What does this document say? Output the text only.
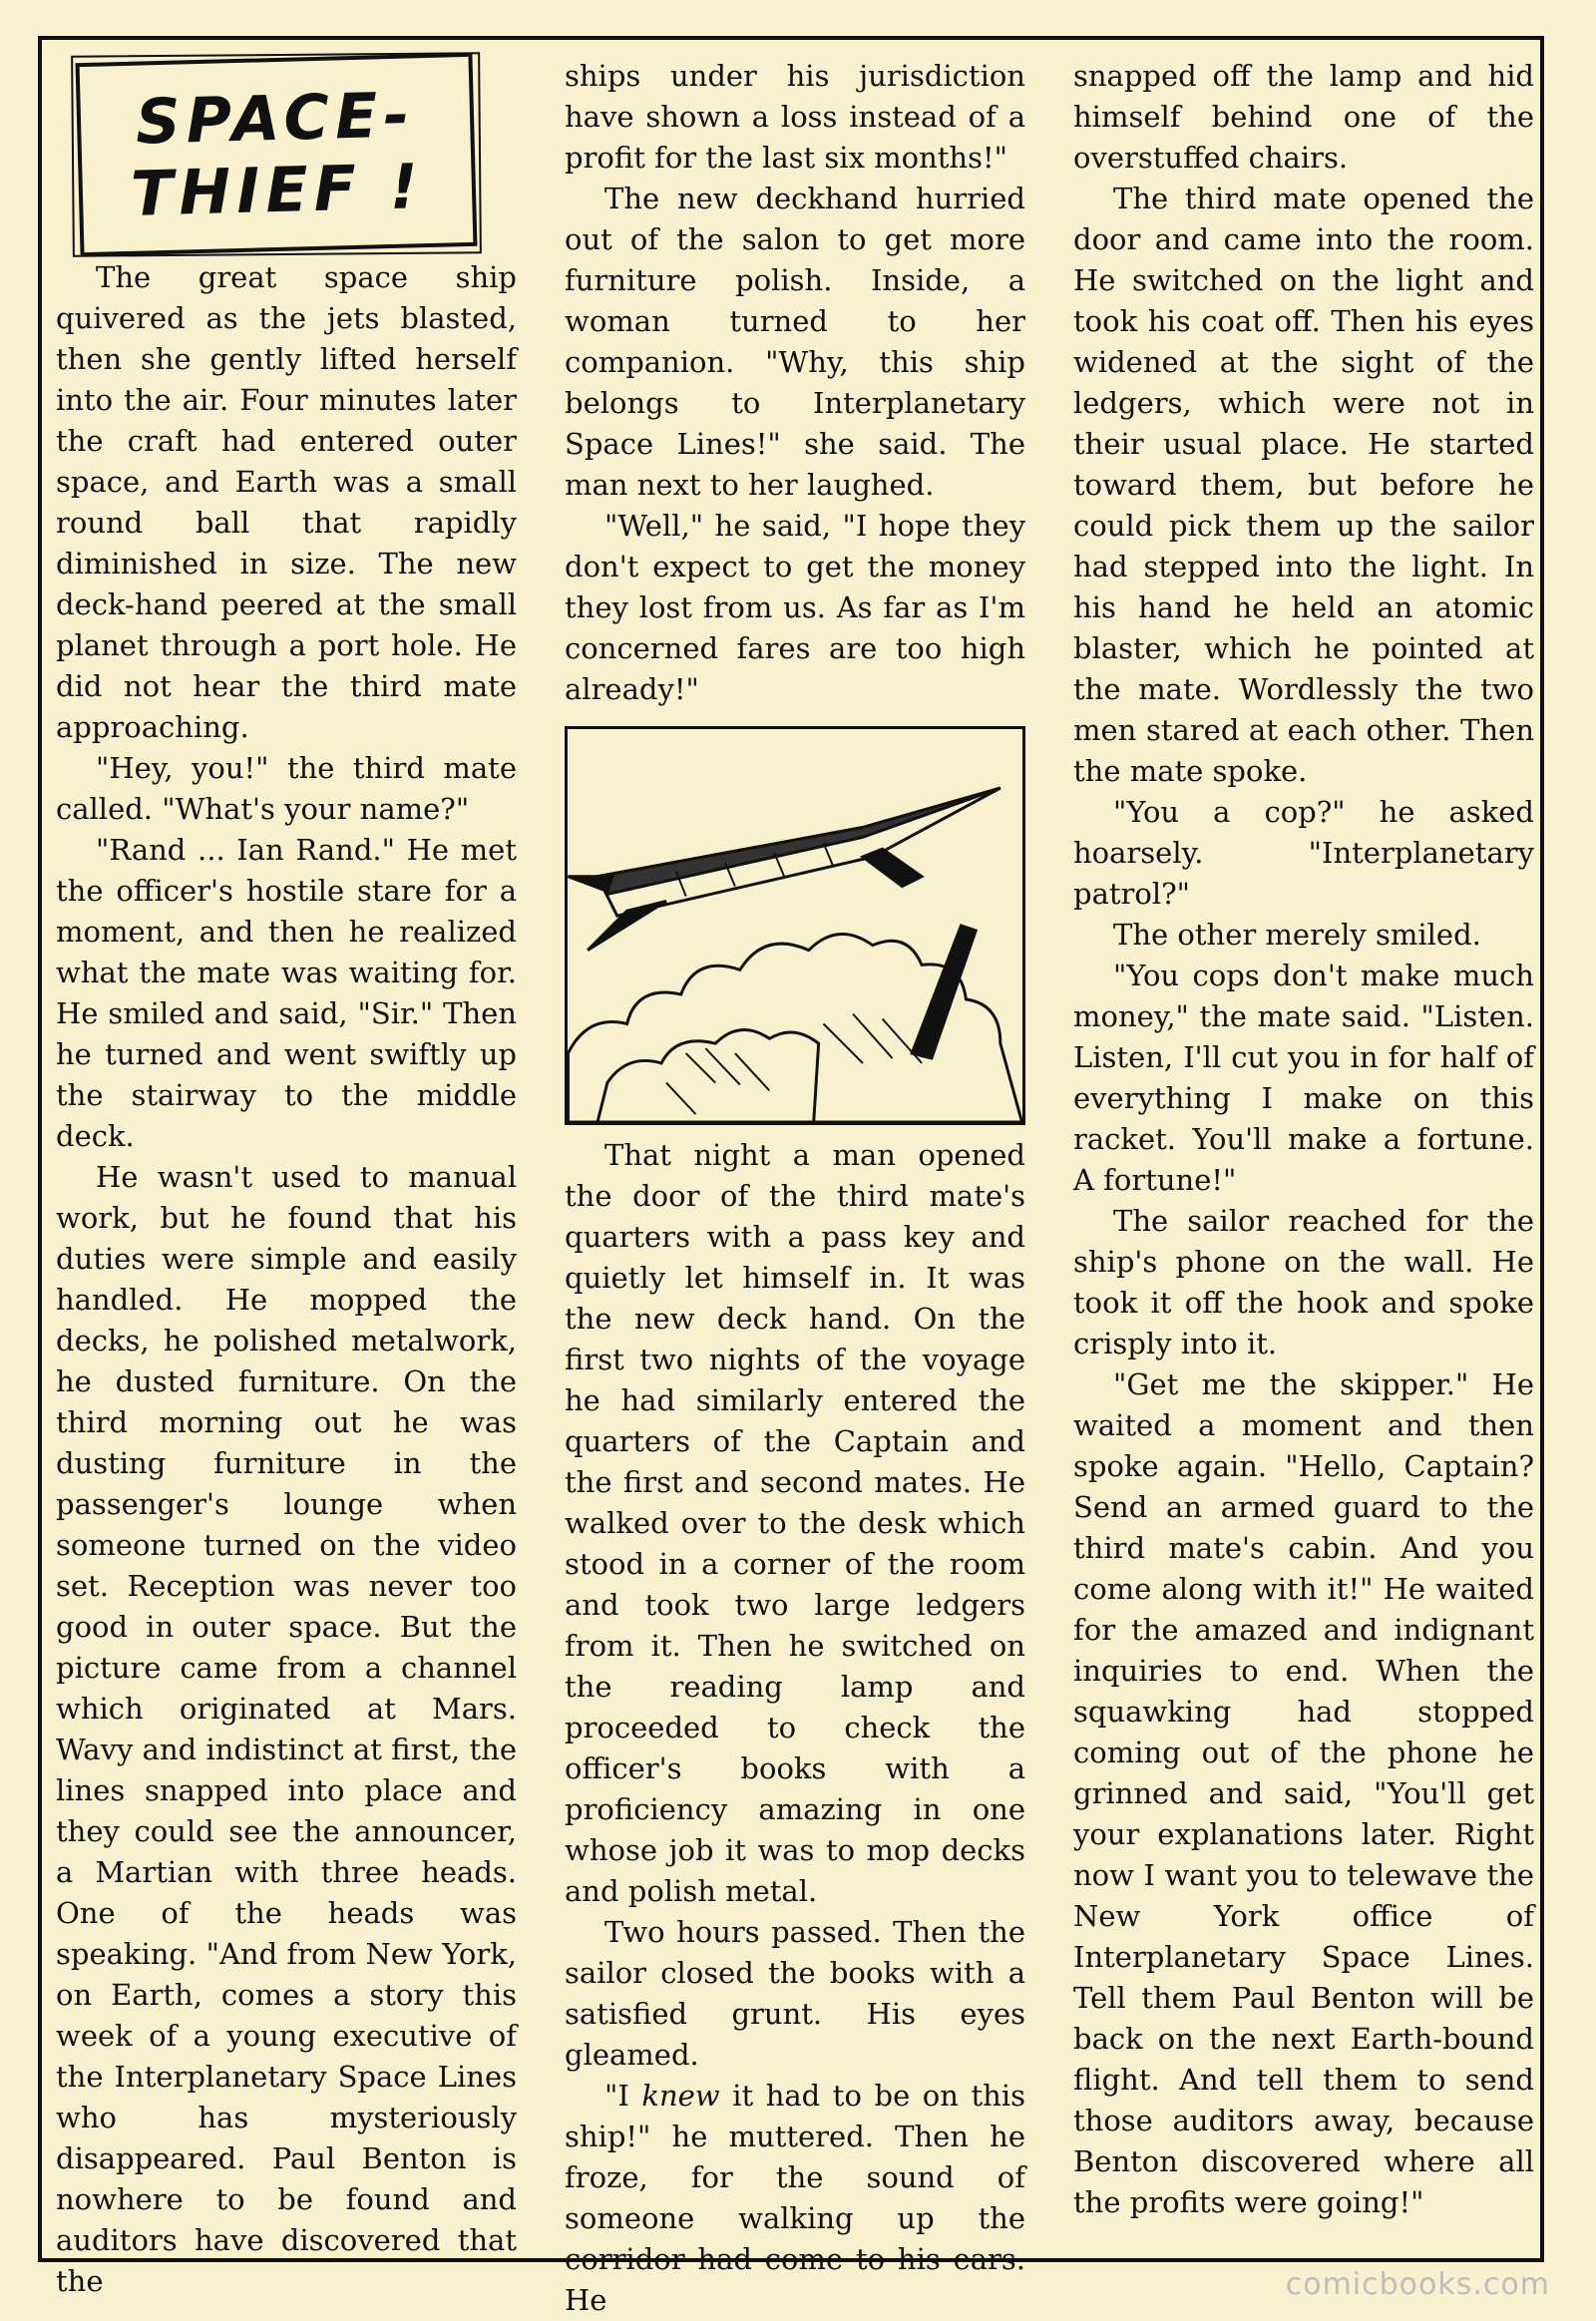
SPACE-
THIEF !

The great space ship quivered as the jets blasted, then she gently lifted herself into the air. Four minutes later the craft had entered outer space, and Earth was a small round ball that rapidly diminished in size. The new deck-hand peered at the small planet through a port hole. He did not hear the third mate approaching.

"Hey, you!" the third mate called. "What's your name?"

"Rand ... Ian Rand." He met the officer's hostile stare for a moment, and then he realized what the mate was waiting for. He smiled and said, "Sir." Then he turned and went swiftly up the stairway to the middle deck.

He wasn't used to manual work, but he found that his duties were simple and easily handled. He mopped the decks, he polished metalwork, he dusted furniture. On the third morning out he was dusting furniture in the passenger's lounge when someone turned on the video set. Reception was never too good in outer space. But the picture came from a channel which originated at Mars. Wavy and indistinct at first, the lines snapped into place and they could see the announcer, a Martian with three heads. One of the heads was speaking. "And from New York, on Earth, comes a story this week of a young executive of the Interplanetary Space Lines who has mysteriously disappeared. Paul Benton is nowhere to be found and auditors have discovered that the

ships under his jurisdiction have shown a loss instead of a profit for the last six months!"

The new deckhand hurried out of the salon to get more furniture polish. Inside, a woman turned to her companion. "Why, this ship belongs to Interplanetary Space Lines!" she said. The man next to her laughed.

"Well," he said, "I hope they don't expect to get the money they lost from us. As far as I'm concerned fares are too high already!"

That night a man opened the door of the third mate's quarters with a pass key and quietly let himself in. It was the new deck hand. On the first two nights of the voyage he had similarly entered the quarters of the Captain and the first and second mates. He walked over to the desk which stood in a corner of the room and took two large ledgers from it. Then he switched on the reading lamp and proceeded to check the officer's books with a proficiency amazing in one whose job it was to mop decks and polish metal.

Two hours passed. Then the sailor closed the books with a satisfied grunt. His eyes gleamed.

"I knew it had to be on this ship!" he muttered. Then he froze, for the sound of someone walking up the corridor had come to his ears. He

snapped off the lamp and hid himself behind one of the overstuffed chairs.

The third mate opened the door and came into the room. He switched on the light and took his coat off. Then his eyes widened at the sight of the ledgers, which were not in their usual place. He started toward them, but before he could pick them up the sailor had stepped into the light. In his hand he held an atomic blaster, which he pointed at the mate. Wordlessly the two men stared at each other. Then the mate spoke.

"You a cop?" he asked hoarsely. "Interplanetary patrol?"

The other merely smiled.

"You cops don't make much money," the mate said. "Listen. Listen, I'll cut you in for half of everything I make on this racket. You'll make a fortune. A fortune!"

The sailor reached for the ship's phone on the wall. He took it off the hook and spoke crisply into it.

"Get me the skipper." He waited a moment and then spoke again. "Hello, Captain? Send an armed guard to the third mate's cabin. And you come along with it!" He waited for the amazed and indignant inquiries to end. When the squawking had stopped coming out of the phone he grinned and said, "You'll get your explanations later. Right now I want you to telewave the New York office of Interplanetary Space Lines. Tell them Paul Benton will be back on the next Earth-bound flight. And tell them to send those auditors away, because Benton discovered where all the profits were going!"

comicbooks.com
